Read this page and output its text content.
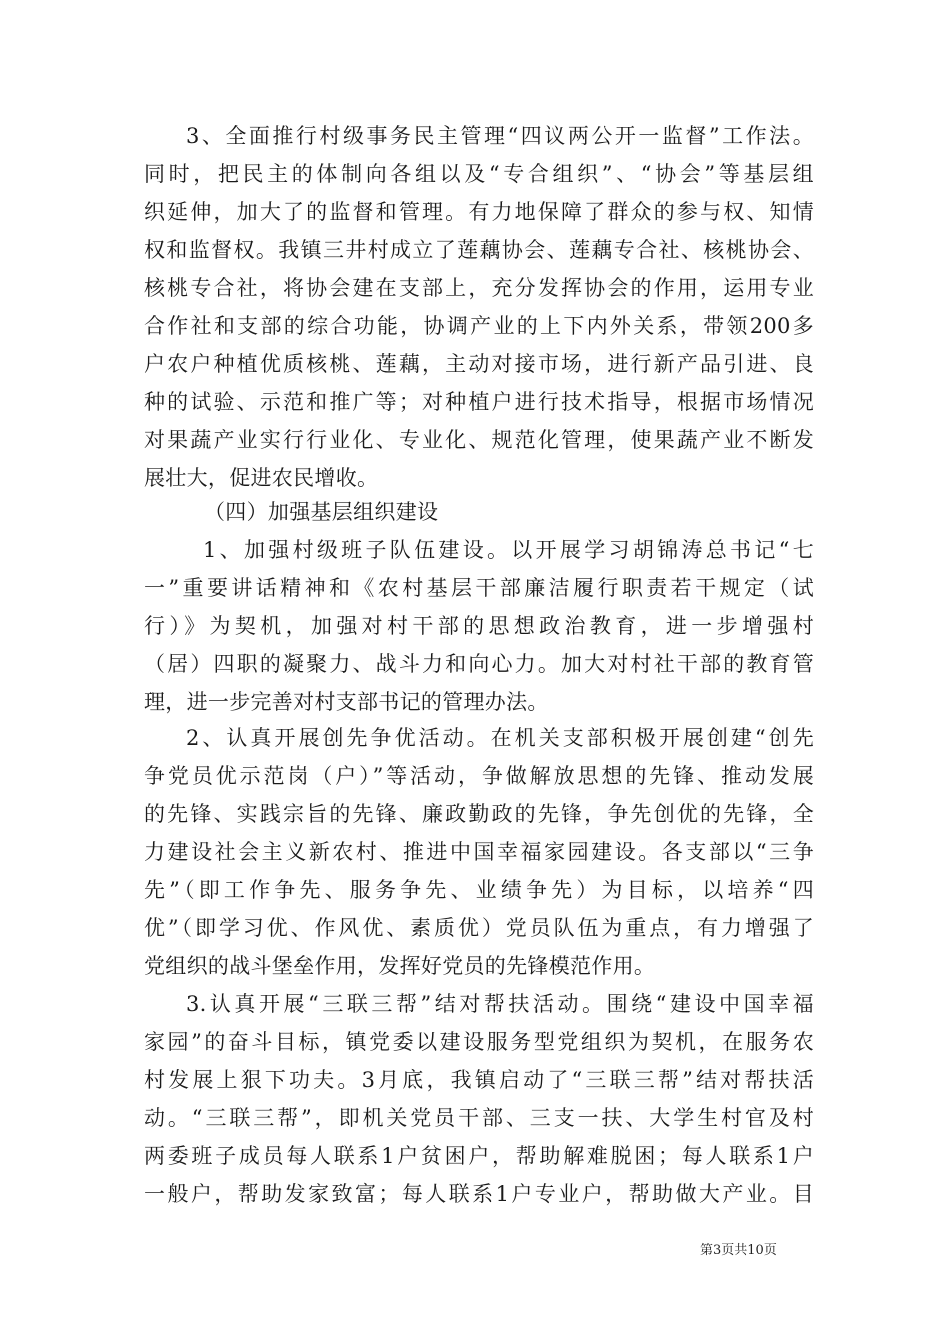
3、全面推行村级事务民主管理“四议两公开一监督”工作法。
同时，把民主的体制向各组以及“专合组织”、“协会”等基层组
织延伸，加大了的监督和管理。有力地保障了群众的参与权、知情
权和监督权。我镇三井村成立了莲藕协会、莲藕专合社、核桃协会、
核桃专合社，将协会建在支部上，充分发挥协会的作用，运用专业
合作社和支部的综合功能，协调产业的上下内外关系，带领200多
户农户种植优质核桃、莲藕，主动对接市场，进行新产品引进、良
种的试验、示范和推广等；对种植户进行技术指导，根据市场情况
对果蔬产业实行行业化、专业化、规范化管理，使果蔬产业不断发
展壮大，促进农民增收。
（四）加强基层组织建设
1、加强村级班子队伍建设。以开展学习胡锦涛总书记“七
一”重要讲话精神和《农村基层干部廉洁履行职责若干规定（试
行）》为契机，加强对村干部的思想政治教育，进一步增强村
（居）四职的凝聚力、战斗力和向心力。加大对村社干部的教育管
理，进一步完善对村支部书记的管理办法。
2、认真开展创先争优活动。在机关支部积极开展创建“创先
争党员优示范岗（户）”等活动，争做解放思想的先锋、推动发展
的先锋、实践宗旨的先锋、廉政勤政的先锋，争先创优的先锋，全
力建设社会主义新农村、推进中国幸福家园建设。各支部以“三争
先”（即工作争先、服务争先、业绩争先）为目标，以培养“四
优”（即学习优、作风优、素质优）党员队伍为重点，有力增强了
党组织的战斗堡垒作用，发挥好党员的先锋模范作用。
3.认真开展“三联三帮”结对帮扶活动。围绕“建设中国幸福
家园”的奋斗目标，镇党委以建设服务型党组织为契机，在服务农
村发展上狠下功夫。3月底，我镇启动了“三联三帮”结对帮扶活
动。“三联三帮”，即机关党员干部、三支一扶、大学生村官及村
两委班子成员每人联系1户贫困户，帮助解难脱困；每人联系1户
一般户，帮助发家致富；每人联系1户专业户，帮助做大产业。目
第3页共10页
